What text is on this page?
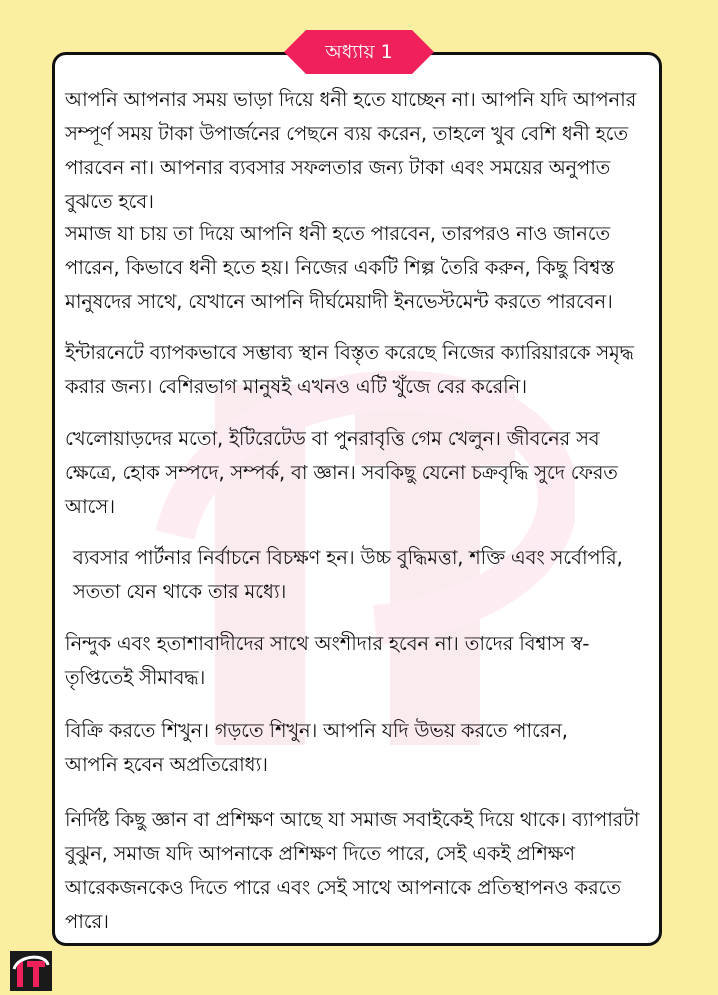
অধ্যায় 1

আপনি আপনার সময় ভাড়া দিয়ে ধনী হতে যাচ্ছেন না। আপনি যদি আপনার সম্পূর্ণ সময় টাকা উপার্জনের পেছনে ব্যয় করেন, তাহলে খুব বেশি ধনী হতে পারবেন না। আপনার ব্যবসার সফলতার জন্য টাকা এবং সময়ের অনুপাত বুঝতে হবে।

সমাজ যা চায় তা দিয়ে আপনি ধনী হতে পারবেন, তারপরও নাও জানতে পারেন, কিভাবে ধনী হতে হয়। নিজের একটি শিল্প তৈরি করুন, কিছু বিশ্বস্ত মানুষদের সাথে, যেখানে আপনি দীর্ঘমেয়াদী ইনভেস্টমেন্ট করতে পারবেন।

ইন্টারনেটে ব্যাপকভাবে সম্ভাব্য স্থান বিস্তৃত করেছে নিজের ক্যারিয়ারকে সমৃদ্ধ করার জন্য। বেশিরভাগ মানুষই এখনও এটি খুঁজে বের করেনি।

খেলোয়াড়দের মতো, ইটিরেটেড বা পুনরাবৃত্তি গেম খেলুন। জীবনের সব ক্ষেত্রে, হোক সম্পদে, সম্পর্ক, বা জ্ঞান। সবকিছু যেনো চক্রবৃদ্ধি সুদে ফেরত আসে।

ব্যবসার পার্টনার নির্বাচনে বিচক্ষণ হন। উচ্চ বুদ্ধিমত্তা, শক্তি এবং সর্বোপরি, সততা যেন থাকে তার মধ্যে।

নিন্দুক এবং হতাশাবাদীদের সাথে অংশীদার হবেন না। তাদের বিশ্বাস স্ব-তৃপ্তিতেই সীমাবদ্ধ।

বিক্রি করতে শিখুন। গড়তে শিখুন। আপনি যদি উভয় করতে পারেন, আপনি হবেন অপ্রতিরোধ্য।

নির্দিষ্ট কিছু জ্ঞান বা প্রশিক্ষণ আছে যা সমাজ সবাইকেই দিয়ে থাকে। ব্যাপারটা বুঝুন, সমাজ যদি আপনাকে প্রশিক্ষণ দিতে পারে, সেই একই প্রশিক্ষণ আরেকজনকেও দিতে পারে এবং সেই সাথে আপনাকে প্রতিস্থাপনও করতে পারে।
